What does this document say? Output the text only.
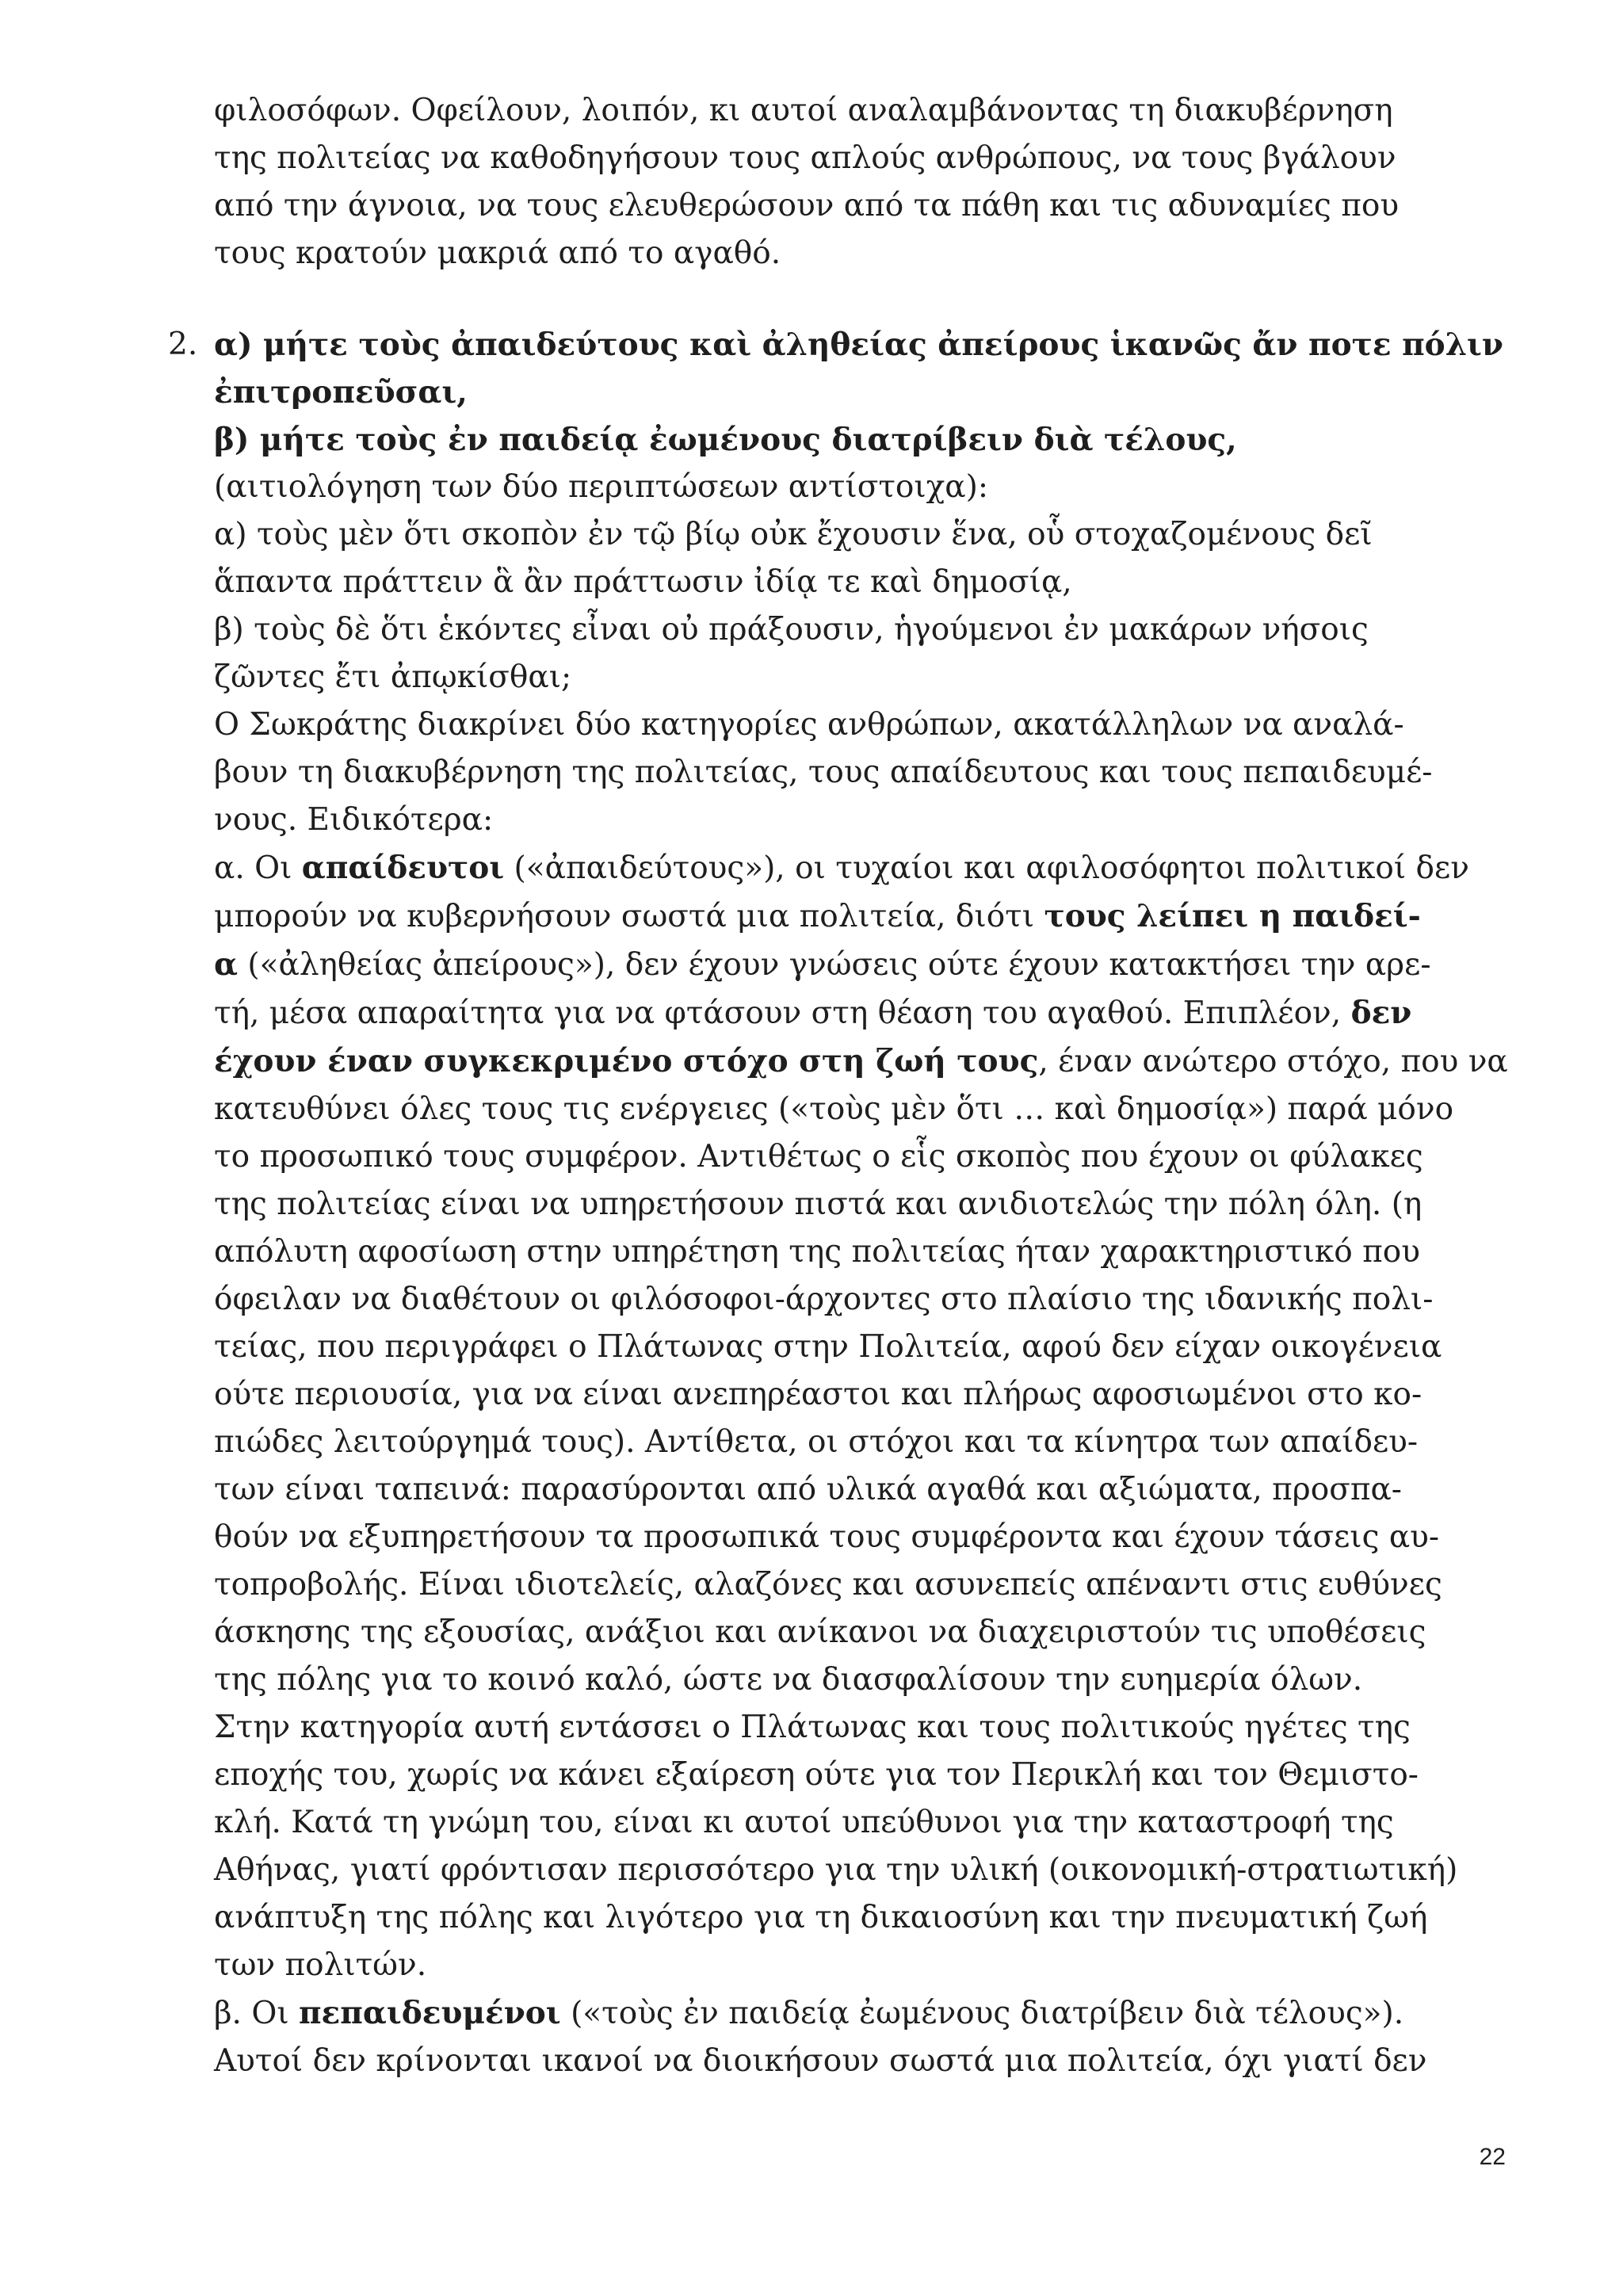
φιλοσόφων. Οφείλουν, λοιπόν, κι αυτοί αναλαμβάνοντας τη διακυβέρνηση
της πολιτείας να καθοδηγήσουν τους απλούς ανθρώπους, να τους βγάλουν
από την άγνοια, να τους ελευθερώσουν από τα πάθη και τις αδυναμίες που
τους κρατούν μακριά από το αγαθό.
2. α) μήτε τοὺς ἀπαιδεύτους καὶ ἀληθείας ἀπείρους ἱκανῶς ἄν ποτε πόλιν
ἐπιτροπεῦσαι,
β) μήτε τοὺς ἐν παιδείᾳ ἐωμένους διατρίβειν διὰ τέλους,
(αιτιολόγηση των δύο περιπτώσεων αντίστοιχα):
α) τοὺς μὲν ὅτι σκοπὸν ἐν τῷ βίῳ οὐκ ἔχουσιν ἕνα, οὗ στοχαζομένους δεῖ
ἅπαντα πράττειν ἃ ἂν πράττωσιν ἰδίᾳ τε καὶ δημοσίᾳ,
β) τοὺς δὲ ὅτι ἑκόντες εἶναι οὐ πράξουσιν, ἡγούμενοι ἐν μακάρων νήσοις
ζῶντες ἔτι ἀπῳκίσθαι;
Ο Σωκράτης διακρίνει δύο κατηγορίες ανθρώπων, ακατάλληλων να αναλά-
βουν τη διακυβέρνηση της πολιτείας, τους απαίδευτους και τους πεπαιδευμέ-
νους. Ειδικότερα:
α. Οι απαίδευτοι («ἀπαιδεύτους»), οι τυχαίοι και αφιλοσόφητοι πολιτικοί δεν
μπορούν να κυβερνήσουν σωστά μια πολιτεία, διότι τους λείπει η παιδεί-
α («ἀληθείας ἀπείρους»), δεν έχουν γνώσεις ούτε έχουν κατακτήσει την αρε-
τή, μέσα απαραίτητα για να φτάσουν στη θέαση του αγαθού. Επιπλέον, δεν
έχουν έναν συγκεκριμένο στόχο στη ζωή τους, έναν ανώτερο στόχο, που να
κατευθύνει όλες τους τις ενέργειες («τοὺς μὲν ὅτι … καὶ δημοσίᾳ») παρά μόνο
το προσωπικό τους συμφέρον. Αντιθέτως ο εἷς σκοπὸς που έχουν οι φύλακες
της πολιτείας είναι να υπηρετήσουν πιστά και ανιδιοτελώς την πόλη όλη. (η
απόλυτη αφοσίωση στην υπηρέτηση της πολιτείας ήταν χαρακτηριστικό που
όφειλαν να διαθέτουν οι φιλόσοφοι-άρχοντες στο πλαίσιο της ιδανικής πολι-
τείας, που περιγράφει ο Πλάτωνας στην Πολιτεία, αφού δεν είχαν οικογένεια
ούτε περιουσία, για να είναι ανεπηρέαστοι και πλήρως αφοσιωμένοι στο κο-
πιώδες λειτούργημά τους). Αντίθετα, οι στόχοι και τα κίνητρα των απαίδευ-
των είναι ταπεινά: παρασύρονται από υλικά αγαθά και αξιώματα, προσπα-
θούν να εξυπηρετήσουν τα προσωπικά τους συμφέροντα και έχουν τάσεις αυ-
τοπροβολής. Είναι ιδιοτελείς, αλαζόνες και ασυνεπείς απέναντι στις ευθύνες
άσκησης της εξουσίας, ανάξιοι και ανίκανοι να διαχειριστούν τις υποθέσεις
της πόλης για το κοινό καλό, ώστε να διασφαλίσουν την ευημερία όλων.
Στην κατηγορία αυτή εντάσσει ο Πλάτωνας και τους πολιτικούς ηγέτες της
εποχής του, χωρίς να κάνει εξαίρεση ούτε για τον Περικλή και τον Θεμιστο-
κλή. Κατά τη γνώμη του, είναι κι αυτοί υπεύθυνοι για την καταστροφή της
Αθήνας, γιατί φρόντισαν περισσότερο για την υλική (οικονομική-στρατιωτική)
ανάπτυξη της πόλης και λιγότερο για τη δικαιοσύνη και την πνευματική ζωή
των πολιτών.
β. Οι πεπαιδευμένοι («τοὺς ἐν παιδείᾳ ἐωμένους διατρίβειν διὰ τέλους»).
Αυτοί δεν κρίνονται ικανοί να διοικήσουν σωστά μια πολιτεία, όχι γιατί δεν
22
